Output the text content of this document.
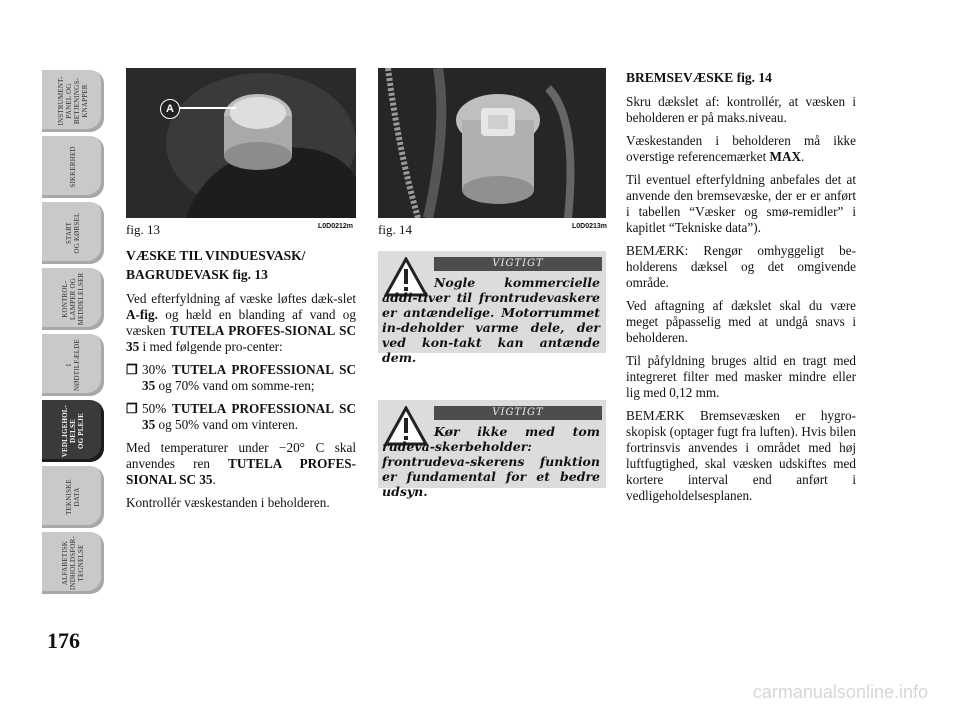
INSTRUMENT-
PANEL OG
BETJENINGS-
KNAPPER
SIKKERHED
START
OG KØRSEL
KONTROL-
LAMPER OG
MEDDELELSER
I
NØDTILFÆLDE
VEDLIGEHOL-
DELSE
OG PLEJE
TEKNISKE
DATA
ALFABETISK
INDHOLDSFOR-
TEGNELSE
176
A
fig. 13	L0D0212m fig. 14	L0D0213m
VÆSKE TIL VINDUESVASK/
BAGRUDEVASK fig. 13

Ved efterfyldning af væske løftes dæk-slet A-fig. og hæld en blanding af vand og væsken TUTELA PROFES-SIONAL SC 35 i med følgende pro-center:

❒ 30% TUTELA PROFESSIONAL SC 35 og 70% vand om somme-ren;
❒ 50% TUTELA PROFESSIONAL SC 35 og 50% vand om vinteren.

Med temperaturer under −20° C skal anvendes ren TUTELA PROFES-SIONAL SC 35.

Kontrollér væskestanden i beholderen.

VIGTIGT
Nogle kommercielle addi-tiver til frontrudevaskere er antændelige. Motorrummet in-deholder varme dele, der ved kon-takt kan antænde dem.
VIGTIGT
Kør ikke med tom rudeva-skerbeholder: frontrudeva-skerens funktion er fundamental for et bedre udsyn.
BREMSEVÆSKE fig. 14

Skru dækslet af: kontrollér, at væsken i beholderen er på maks.niveau.

Væskestanden i beholderen må ikke overstige referencemærket MAX.

Til eventuel efterfyldning anbefales det at anvende den bremsevæske, der er er anført i tabellen “Væsker og smø-remidler” i kapitlet “Tekniske data”).

BEMÆRK: Rengør omhyggeligt be-holderens dæksel og det omgivende område.

Ved aftagning af dækslet skal du være meget påpasselig med at undgå snavs i beholderen.

Til påfyldning bruges altid en tragt med integreret filter med masker mindre eller lig med 0,12 mm.

BEMÆRK Bremsevæsken er hygro-skopisk (optager fugt fra luften). Hvis bilen fortrinsvis anvendes i området med høj luftfugtighed, skal væsken udskiftes med kortere interval end anført i vedligeholdelsesplanen.

carmanualsonline.info
